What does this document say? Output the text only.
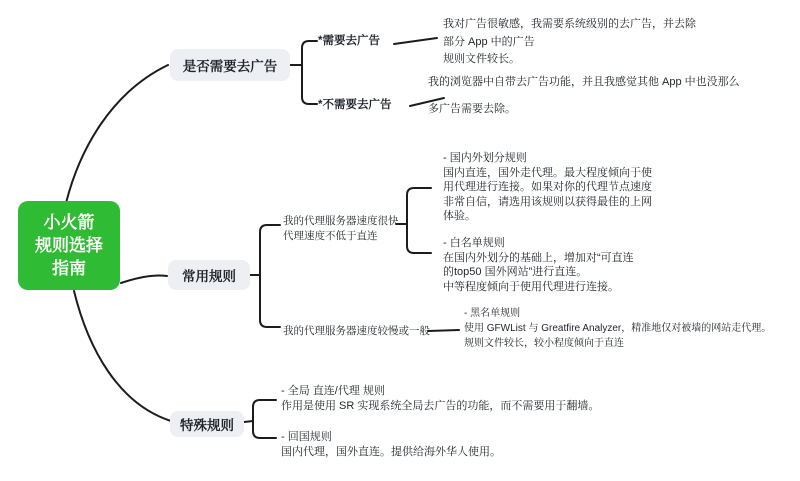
小火箭
规则选择
指南
是否需要去广告
常用规则
特殊规则
*需要去广告
我对广告很敏感，我需要系统级别的去广告，并去除
部分 App 中的广告
规则文件较长。
*不需要去广告
我的浏览器中自带去广告功能，并且我感觉其他 App 中也没那么
多广告需要去除。
我的代理服务器速度很快
代理速度不低于直连
- 国内外划分规则
国内直连，国外走代理。最大程度倾向于使
用代理进行连接。如果对你的代理节点速度
非常自信，请选用该规则以获得最佳的上网
体验。
- 白名单规则
在国内外划分的基础上，增加对“可直连
的top50 国外网站”进行直连。
中等程度倾向于使用代理进行连接。
我的代理服务器速度较慢或一般
- 黑名单规则
使用 GFWList 与 Greatfire Analyzer，精准地仅对被墙的网站走代理。
规则文件较长，较小程度倾向于直连
- 全局 直连/代理 规则
作用是使用 SR 实现系统全局去广告的功能，而不需要用于翻墙。
- 回国规则
国内代理，国外直连。提供给海外华人使用。
